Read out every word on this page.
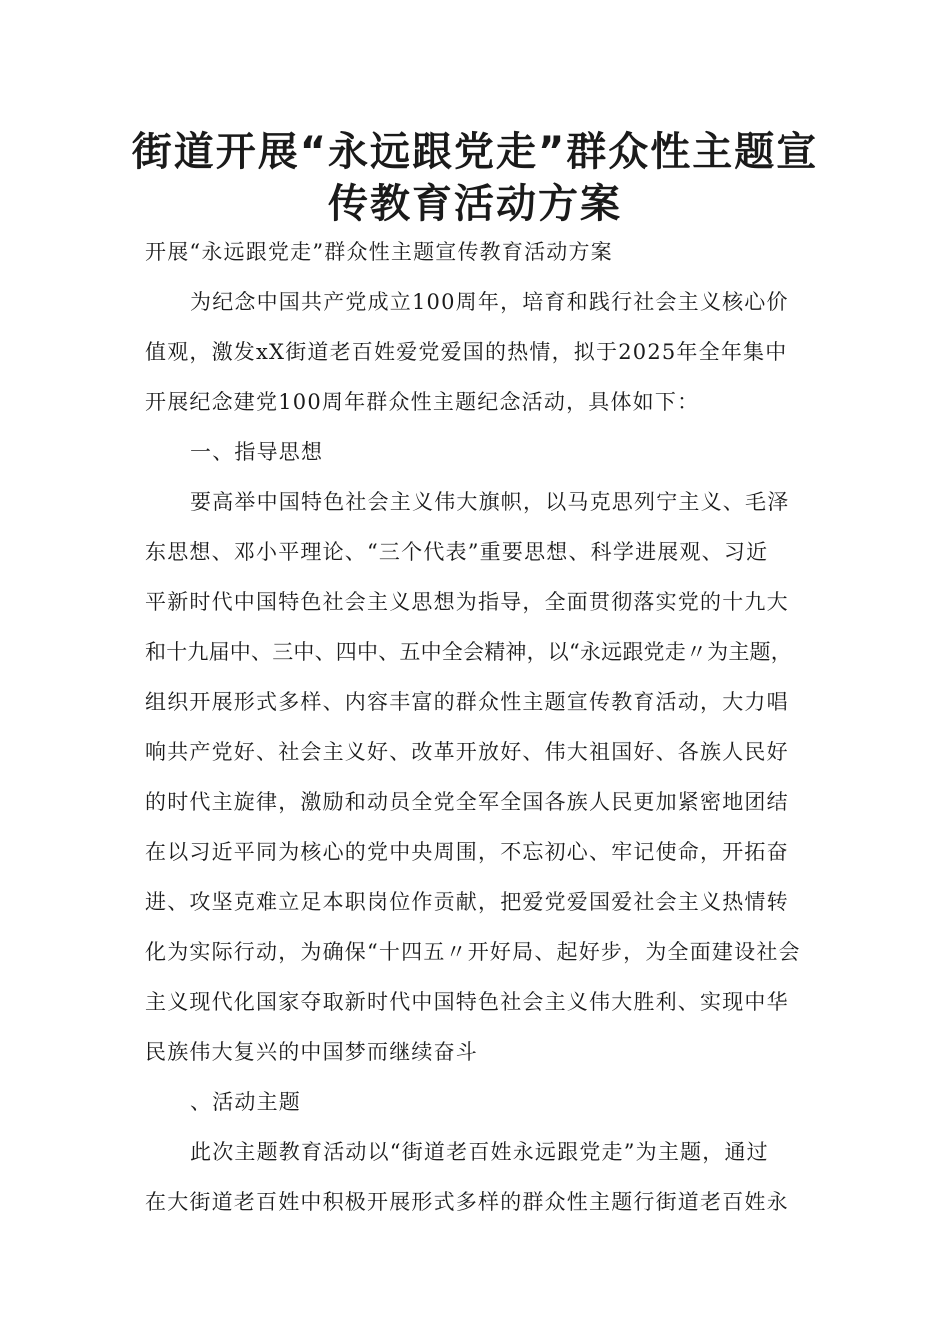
街道开展“永远跟党走”群众性主题宣
传教育活动方案
开展“永远跟党走”群众性主题宣传教育活动方案
为纪念中国共产党成立100周年，培育和践行社会主义核心价
值观，激发xX街道老百姓爱党爱国的热情，拟于2025年全年集中
开展纪念建党100周年群众性主题纪念活动，具体如下：
一、指导思想
要高举中国特色社会主义伟大旗帜，以马克思列宁主义、毛泽
东思想、邓小平理论、“三个代表”重要思想、科学进展观、习近
平新时代中国特色社会主义思想为指导，全面贯彻落实党的十九大
和十九届中、三中、四中、五中全会精神，以“永远跟党走〃为主题，
组织开展形式多样、内容丰富的群众性主题宣传教育活动，大力唱
响共产党好、社会主义好、改革开放好、伟大祖国好、各族人民好
的时代主旋律，激励和动员全党全军全国各族人民更加紧密地团结
在以习近平同为核心的党中央周围，不忘初心、牢记使命，开拓奋
进、攻坚克难立足本职岗位作贡献，把爱党爱国爱社会主义热情转
化为实际行动，为确保“十四五〃开好局、起好步，为全面建设社会
主义现代化国家夺取新时代中国特色社会主义伟大胜利、实现中华
民族伟大复兴的中国梦而继续奋斗
、活动主题
此次主题教育活动以“街道老百姓永远跟党走”为主题，通过
在大街道老百姓中积极开展形式多样的群众性主题行街道老百姓永
